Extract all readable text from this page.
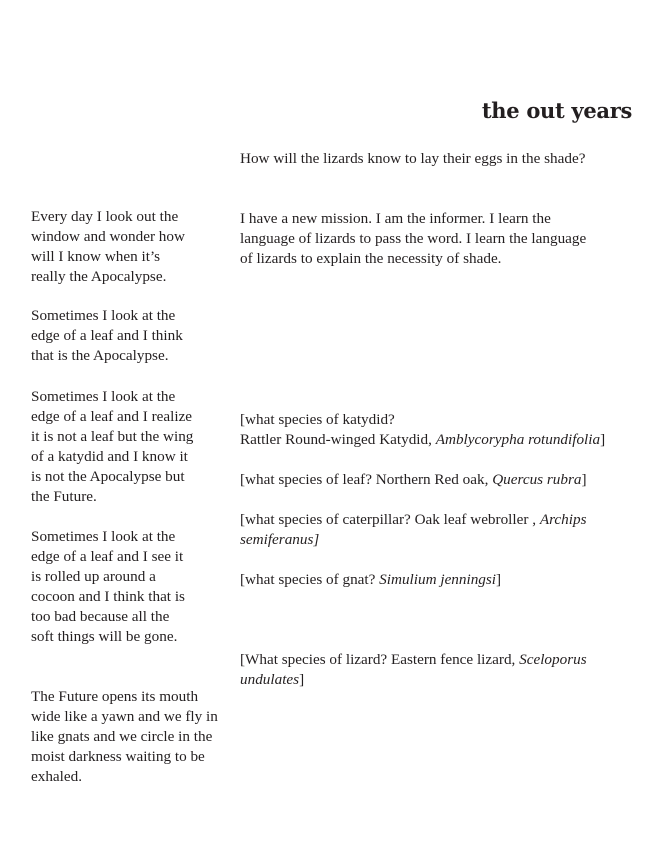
the out years

How will the lizards know to lay their eggs in the shade?

I have a new mission. I am the informer. I learn the
language of lizards to pass the word. I learn the language
of lizards to explain the necessity of shade.

[what species of katydid?
Rattler Round-winged Katydid, Amblycorypha rotundifolia]

[what species of leaf? Northern Red oak, Quercus rubra]

[what species of caterpillar? Oak leaf webroller , Archips
semiferanus]

[what species of gnat? Simulium jenningsi]

[What species of lizard? Eastern fence lizard, Sceloporus
undulates]

Every day I look out the
window and wonder how
will I know when it’s
really the Apocalypse.

Sometimes I look at the
edge of a leaf and I think
that is the Apocalypse.

Sometimes I look at the
edge of a leaf and I realize
it is not a leaf but the wing
of a katydid and I know it
is not the Apocalypse but
the Future.

Sometimes I look at the
edge of a leaf and I see it
is rolled up around a
cocoon and I think that is
too bad because all the
soft things will be gone.

The Future opens its mouth
wide like a yawn and we fly in
like gnats and we circle in the
moist darkness waiting to be
exhaled.
